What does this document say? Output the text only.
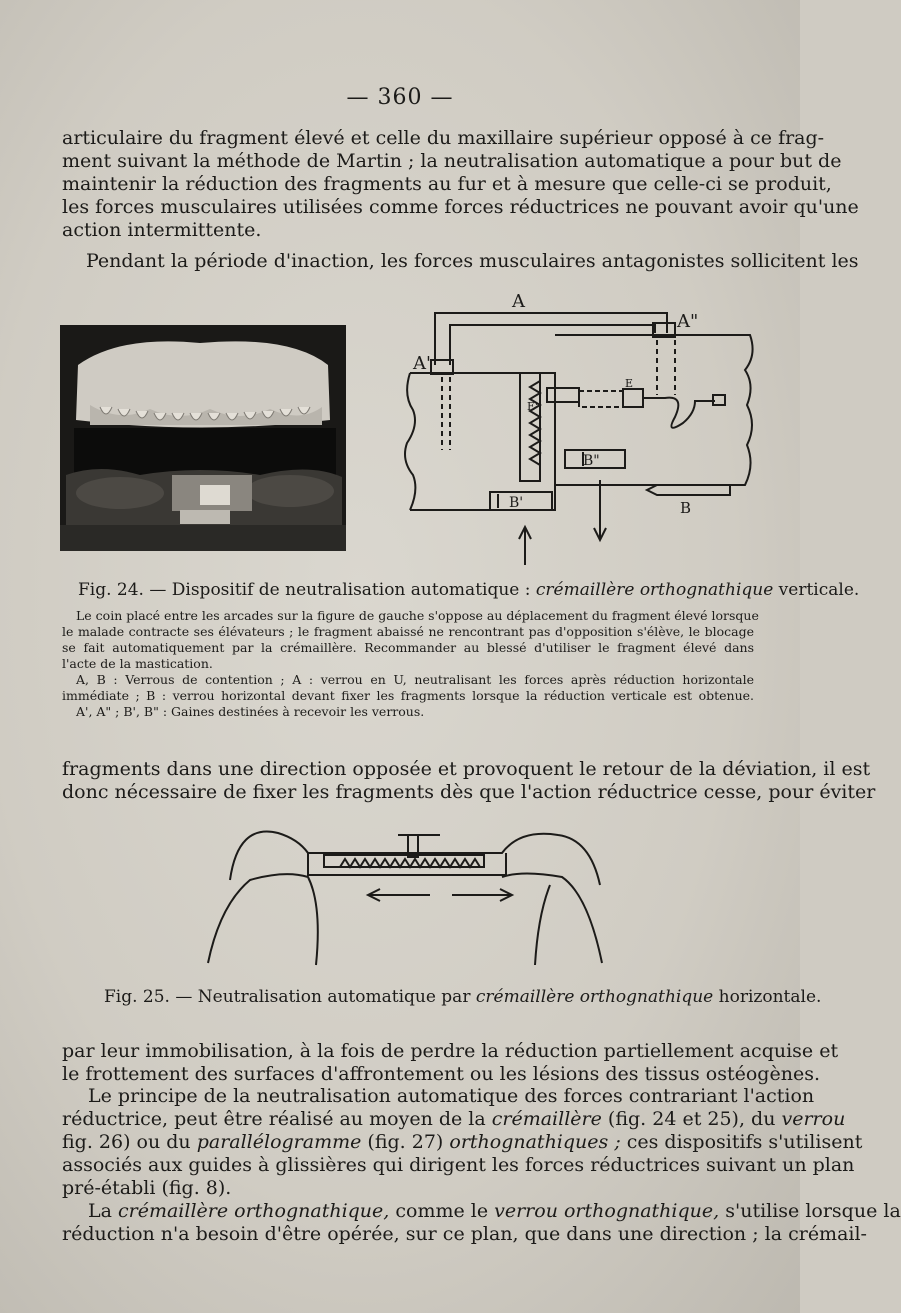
— 360 —
articulaire du fragment élevé et celle du maxillaire supérieur opposé à ce frag-
ment suivant la méthode de Martin ; la neutralisation automatique a pour but de
maintenir la réduction des fragments au fur et à mesure que celle-ci se produit,
les forces musculaires utilisées comme forces réductrices ne pouvant avoir qu'une
action intermittente.
Pendant la période d'inaction, les forces musculaires antagonistes sollicitent les
A
A"
A'
B"
B
B'
E
E'
Fig. 24. — Dispositif de neutralisation automatique : crémaillère orthognathique verticale.
Le coin placé entre les arcades sur la figure de gauche s'oppose au déplacement du fragment élevé lorsque
le malade contracte ses élévateurs ; le fragment abaissé ne rencontrant pas d'opposition s'élève, le blocage
se fait automatiquement par la crémaillère. Recommander au blessé d'utiliser le fragment élevé dans
l'acte de la mastication.
A, B : Verrous de contention ; A : verrou en U, neutralisant les forces après réduction horizontale
immédiate ; B : verrou horizontal devant fixer les fragments lorsque la réduction verticale est obtenue.
A', A" ; B', B" : Gaines destinées à recevoir les verrous.
fragments dans une direction opposée et provoquent le retour de la déviation, il est
donc nécessaire de fixer les fragments dès que l'action réductrice cesse, pour éviter
Fig. 25. — Neutralisation automatique par crémaillère orthognathique horizontale.
par leur immobilisation, à la fois de perdre la réduction partiellement acquise et
le frottement des surfaces d'affrontement ou les lésions des tissus ostéogènes.
Le principe de la neutralisation automatique des forces contrariant l'action
réductrice, peut être réalisé au moyen de la crémaillère (fig. 24 et 25), du verrou
fig. 26) ou du parallélogramme (fig. 27) orthognathiques ; ces dispositifs s'utilisent
associés aux guides à glissières qui dirigent les forces réductrices suivant un plan
pré-établi (fig. 8).
La crémaillère orthognathique, comme le verrou orthognathique, s'utilise lorsque la
réduction n'a besoin d'être opérée, sur ce plan, que dans une direction ; la crémail-
